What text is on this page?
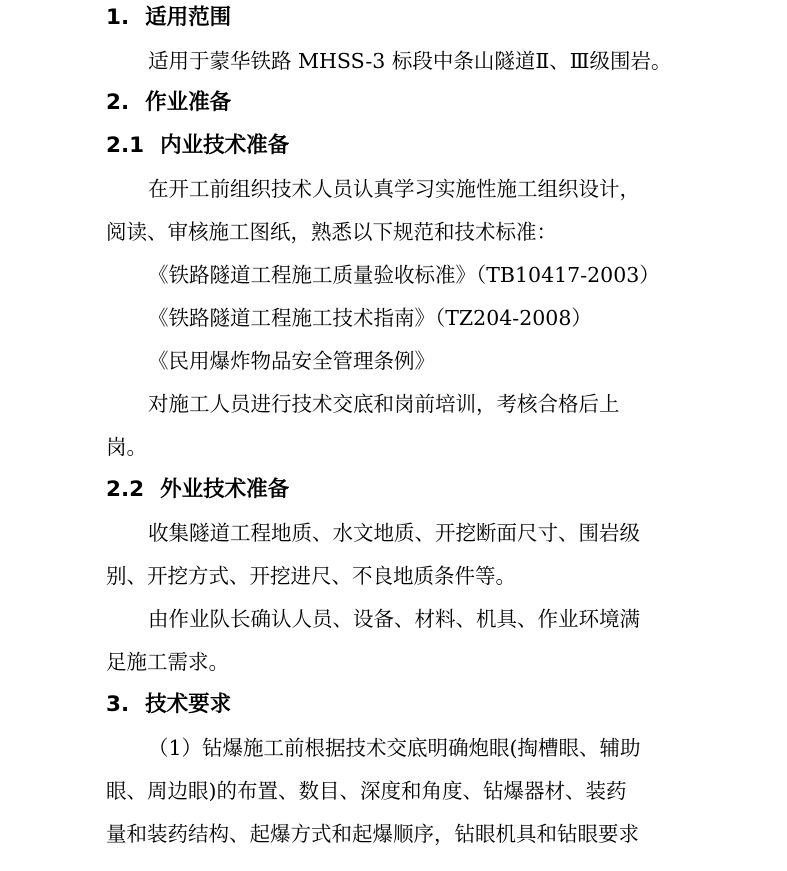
1. 适用范围
适用于蒙华铁路 MHSS-3 标段中条山隧道Ⅱ、Ⅲ级围岩。
2. 作业准备
2.1 内业技术准备
在开工前组织技术人员认真学习实施性施工组织设计，
阅读、审核施工图纸，熟悉以下规范和技术标准：
《铁路隧道工程施工质量验收标准》（TB10417-2003）
《铁路隧道工程施工技术指南》（TZ204-2008）
《民用爆炸物品安全管理条例》
对施工人员进行技术交底和岗前培训，考核合格后上
岗。
2.2 外业技术准备
收集隧道工程地质、水文地质、开挖断面尺寸、围岩级
别、开挖方式、开挖进尺、不良地质条件等。
由作业队长确认人员、设备、材料、机具、作业环境满
足施工需求。
3. 技术要求
（1）钻爆施工前根据技术交底明确炮眼(掏槽眼、辅助
眼、周边眼)的布置、数目、深度和角度、钻爆器材、装药
量和装药结构、起爆方式和起爆顺序，钻眼机具和钻眼要求
